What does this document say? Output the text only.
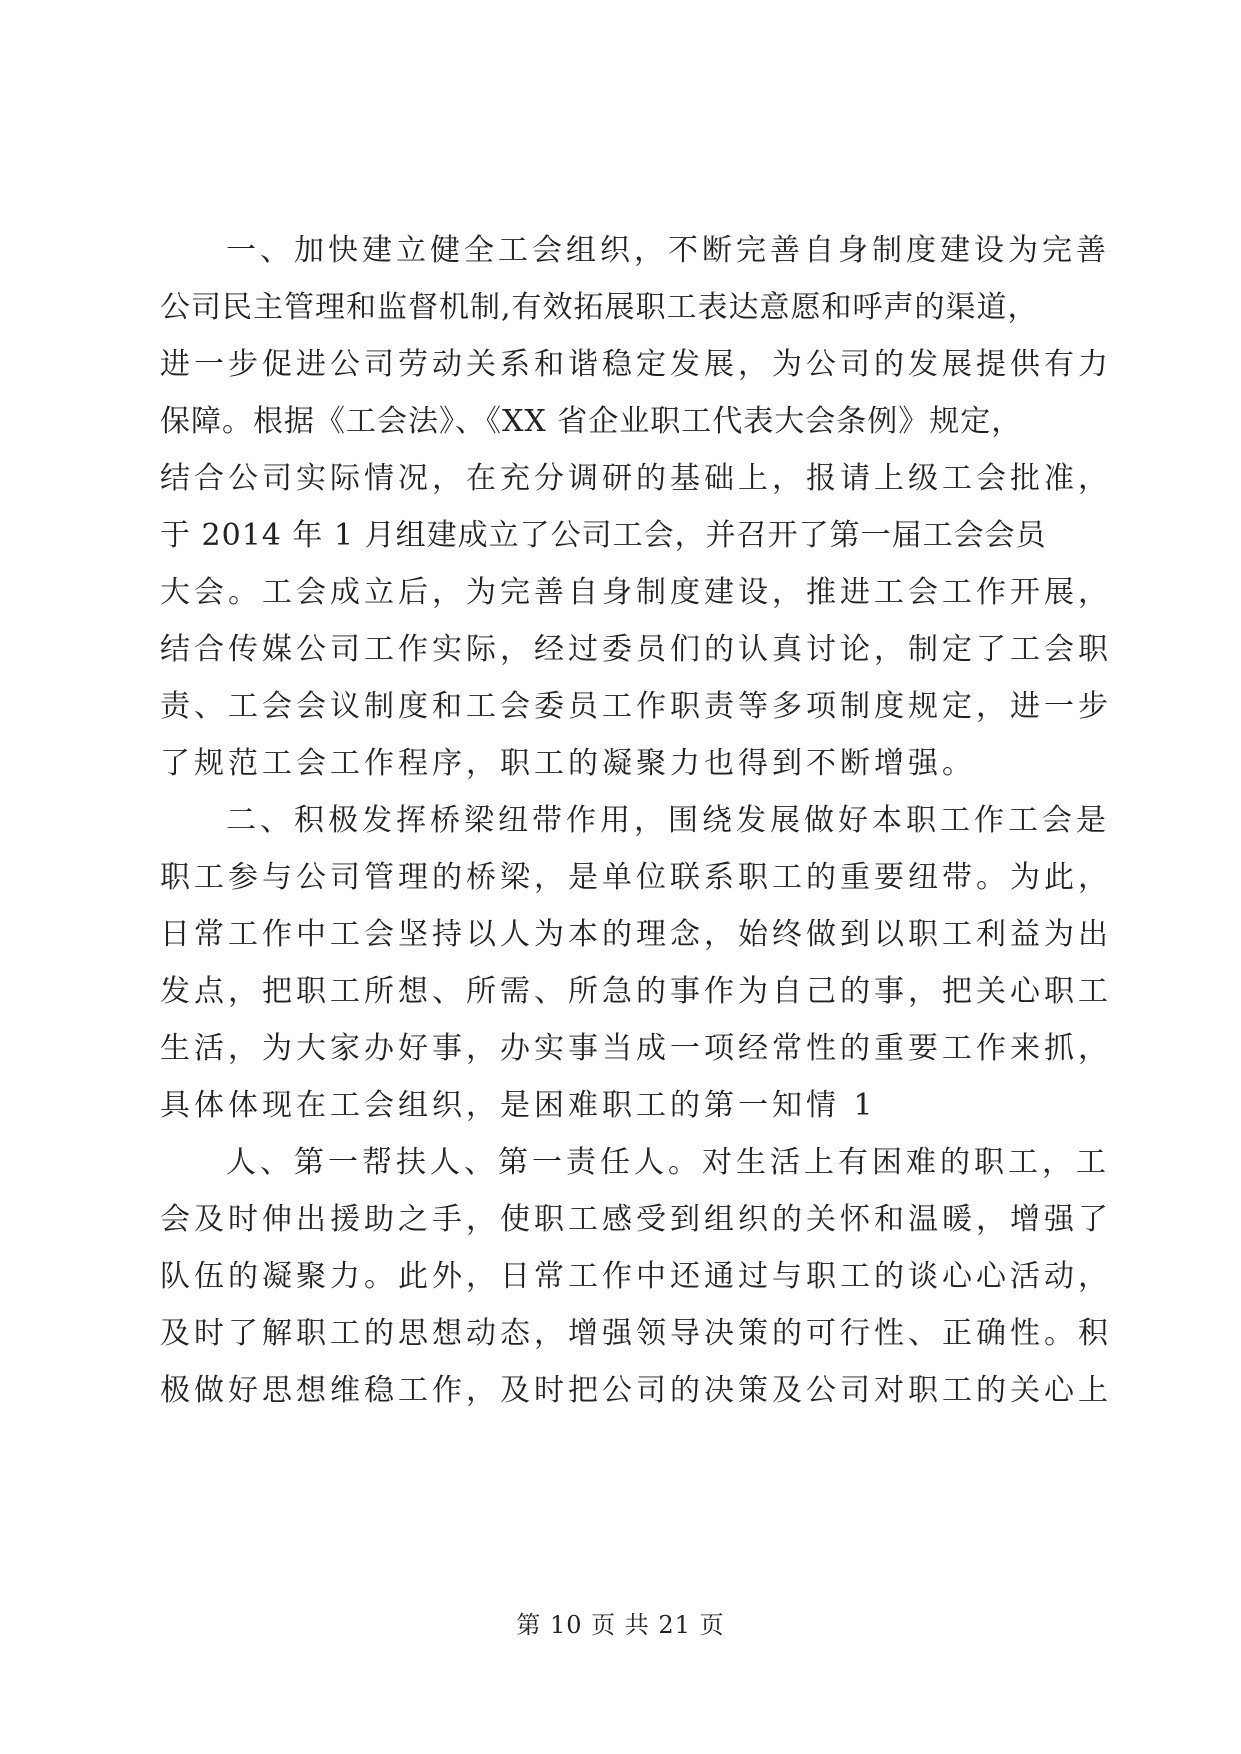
一、加快建立健全工会组织，不断完善自身制度建设为完善
公司民主管理和监督机制,有效拓展职工表达意愿和呼声的渠道，
进一步促进公司劳动关系和谐稳定发展，为公司的发展提供有力
保障。根据《工会法》、《XX 省企业职工代表大会条例》规定，
结合公司实际情况，在充分调研的基础上，报请上级工会批准，
于 2014 年 1 月组建成立了公司工会，并召开了第一届工会会员
大会。工会成立后，为完善自身制度建设，推进工会工作开展，
结合传媒公司工作实际，经过委员们的认真讨论，制定了工会职
责、工会会议制度和工会委员工作职责等多项制度规定，进一步
了规范工会工作程序，职工的凝聚力也得到不断增强。
二、积极发挥桥梁纽带作用，围绕发展做好本职工作工会是
职工参与公司管理的桥梁，是单位联系职工的重要纽带。为此，
日常工作中工会坚持以人为本的理念，始终做到以职工利益为出
发点，把职工所想、所需、所急的事作为自己的事，把关心职工
生活，为大家办好事，办实事当成一项经常性的重要工作来抓，
具体体现在工会组织，是困难职工的第一知情 1
人、第一帮扶人、第一责任人。对生活上有困难的职工，工
会及时伸出援助之手，使职工感受到组织的关怀和温暖，增强了
队伍的凝聚力。此外，日常工作中还通过与职工的谈心心活动，
及时了解职工的思想动态，增强领导决策的可行性、正确性。积
极做好思想维稳工作，及时把公司的决策及公司对职工的关心上
第 10 页 共 21 页
